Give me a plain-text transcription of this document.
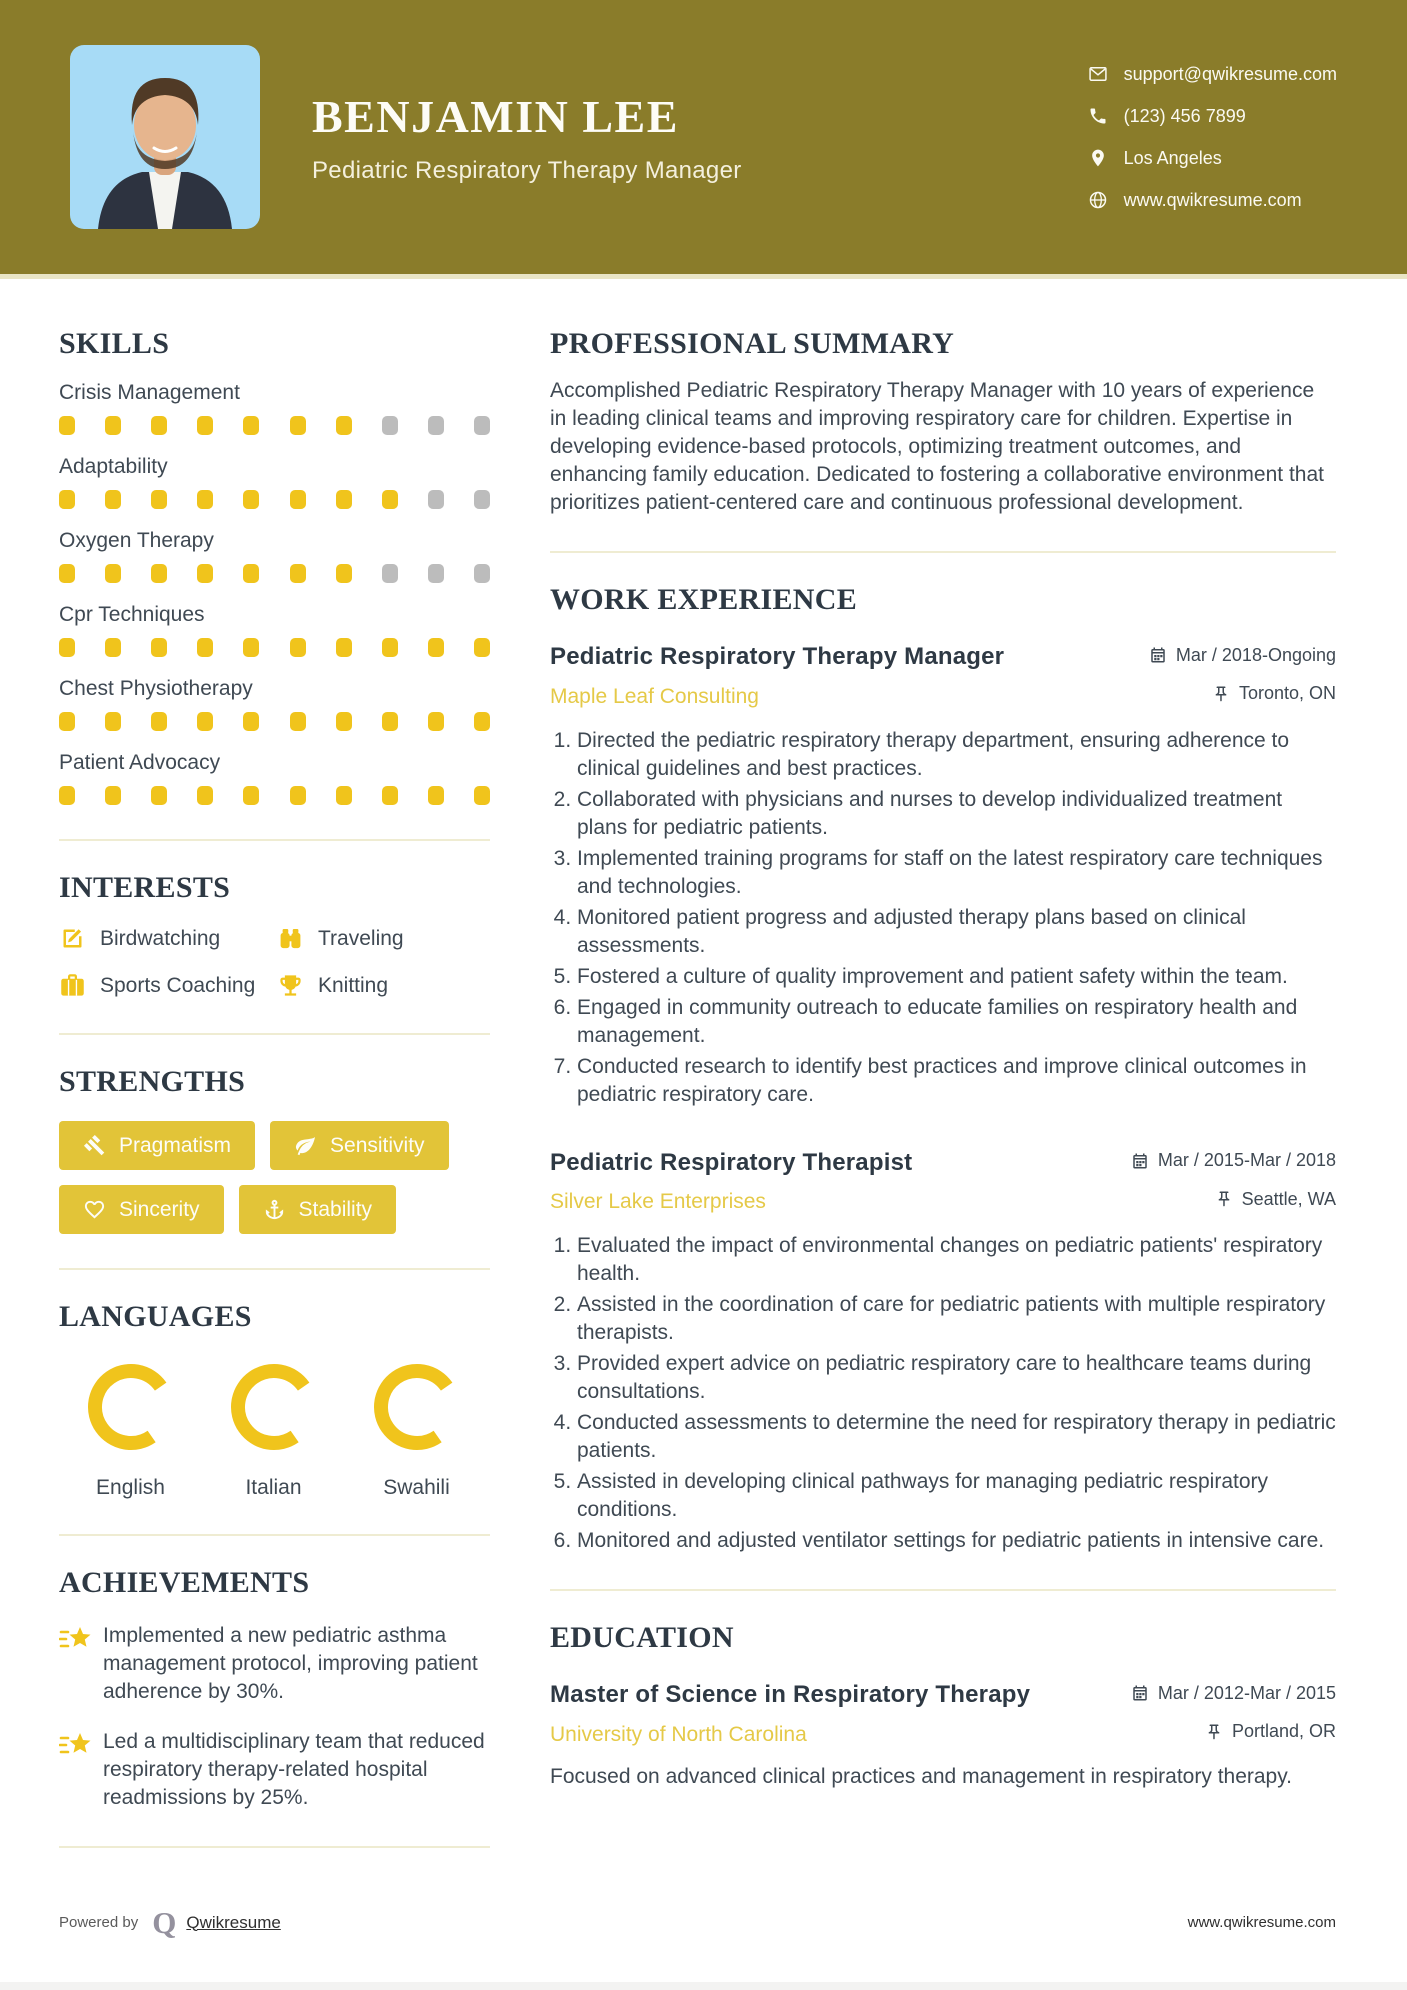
BENJAMIN LEE
Pediatric Respiratory Therapy Manager
support@qwikresume.com
(123) 456 7899
Los Angeles
www.qwikresume.com
SKILLS
Crisis Management
Adaptability
Oxygen Therapy
Cpr Techniques
Chest Physiotherapy
Patient Advocacy
INTERESTS
Birdwatching	Traveling
Sports Coaching	Knitting
STRENGTHS
Pragmatism	Sensitivity
Sincerity	Stability
LANGUAGES
English	Italian	Swahili
ACHIEVEMENTS
Implemented a new pediatric asthma management protocol, improving patient adherence by 30%.
Led a multidisciplinary team that reduced respiratory therapy-related hospital readmissions by 25%.
PROFESSIONAL SUMMARY

Accomplished Pediatric Respiratory Therapy Manager with 10 years of experience in leading clinical teams and improving respiratory care for children. Expertise in developing evidence-based protocols, optimizing treatment outcomes, and enhancing family education. Dedicated to fostering a collaborative environment that prioritizes patient-centered care and continuous professional development.

WORK EXPERIENCE
Pediatric Respiratory Therapy Manager	Mar / 2018-Ongoing
Maple Leaf Consulting	Toronto, ON
1. Directed the pediatric respiratory therapy department, ensuring adherence to clinical guidelines and best practices.
2. Collaborated with physicians and nurses to develop individualized treatment plans for pediatric patients.
3. Implemented training programs for staff on the latest respiratory care techniques and technologies.
4. Monitored patient progress and adjusted therapy plans based on clinical assessments.
5. Fostered a culture of quality improvement and patient safety within the team.
6. Engaged in community outreach to educate families on respiratory health and management.
7. Conducted research to identify best practices and improve clinical outcomes in pediatric respiratory care.
Pediatric Respiratory Therapist	Mar / 2015-Mar / 2018
Silver Lake Enterprises	Seattle, WA
1. Evaluated the impact of environmental changes on pediatric patients' respiratory health.
2. Assisted in the coordination of care for pediatric patients with multiple respiratory therapists.
3. Provided expert advice on pediatric respiratory care to healthcare teams during consultations.
4. Conducted assessments to determine the need for respiratory therapy in pediatric patients.
5. Assisted in developing clinical pathways for managing pediatric respiratory conditions.
6. Monitored and adjusted ventilator settings for pediatric patients in intensive care.
EDUCATION
Master of Science in Respiratory Therapy	Mar / 2012-Mar / 2015
University of North Carolina	Portland, OR

Focused on advanced clinical practices and management in respiratory therapy.

Powered by Q Qwikresume	www.qwikresume.com
